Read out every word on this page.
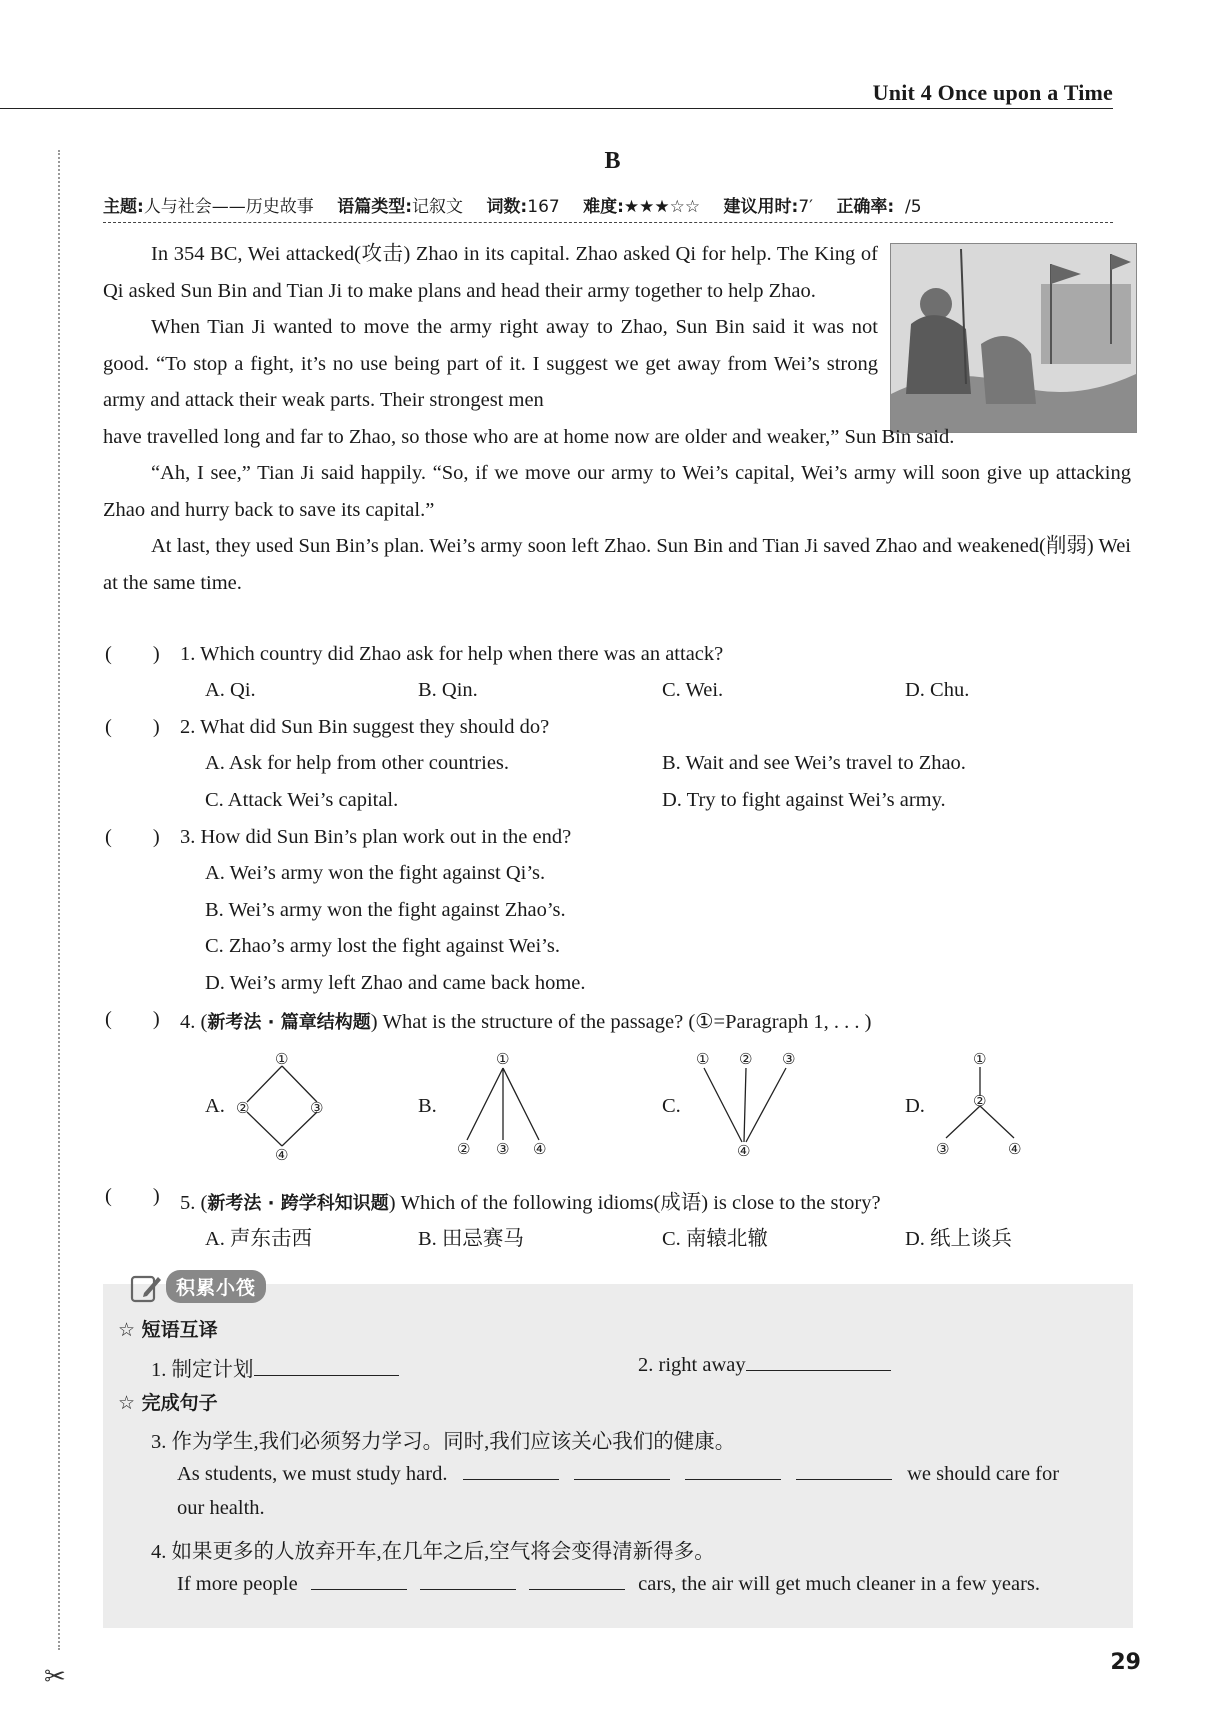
Unit 4 Once upon a Time
✂
B
主题:人与社会——历史故事 语篇类型:记叙文 词数:167 难度:★★★☆☆ 建议用时:7′ 正确率:  /5

In 354 BC, Wei attacked(攻击) Zhao in its capital. Zhao asked Qi for help. The King of Qi asked Sun Bin and Tian Ji to make plans and head their army together to help Zhao.

When Tian Ji wanted to move the army right away to Zhao, Sun Bin said it was not good. “To stop a fight, it’s no use being part of it. I suggest we get away from Wei’s strong army and attack their weak parts. Their strongest men

have travelled long and far to Zhao, so those who are at home now are older and weaker,” Sun Bin said.

“Ah, I see,” Tian Ji said happily. “So, if we move our army to Wei’s capital, Wei’s army will soon give up attacking Zhao and hurry back to save its capital.”

At last, they used Sun Bin’s plan. Wei’s army soon left Zhao. Sun Bin and Tian Ji saved Zhao and weakened(削弱) Wei at the same time.

(        ) 1. Which country did Zhao ask for help when there was an attack?
A. Qi.	B. Qin.	C. Wei.	D. Chu.
(        ) 2. What did Sun Bin suggest they should do?
A. Ask for help from other countries.	B. Wait and see Wei’s travel to Zhao.
C. Attack Wei’s capital.	D. Try to fight against Wei’s army.
(        ) 3. How did Sun Bin’s plan work out in the end?
A. Wei’s army won the fight against Qi’s.
B. Wei’s army won the fight against Zhao’s.
C. Zhao’s army lost the fight against Wei’s.
D. Wei’s army left Zhao and came back home.
(        ) 4. (新考法 · 篇章结构题) What is the structure of the passage? (①=Paragraph 1, . . . )
A.
①
②	③
④
B.
①
② ③ ④
C.
① ② ③
④
D.
①
②
③	④
(        ) 5. (新考法 · 跨学科知识题) Which of the following idioms(成语) is close to the story?
A. 声东击西	B. 田忌赛马	C. 南辕北辙	D. 纸上谈兵
积累小筏
☆ 短语互译
1. 制定计划	2. right away
☆ 完成句子
3. 作为学生,我们必须努力学习。同时,我们应该关心我们的健康。
As students, we must study hard.	we should care for
our health.
4. 如果更多的人放弃开车,在几年之后,空气将会变得清新得多。
If more people	cars, the air will get much cleaner in a few years.
29
